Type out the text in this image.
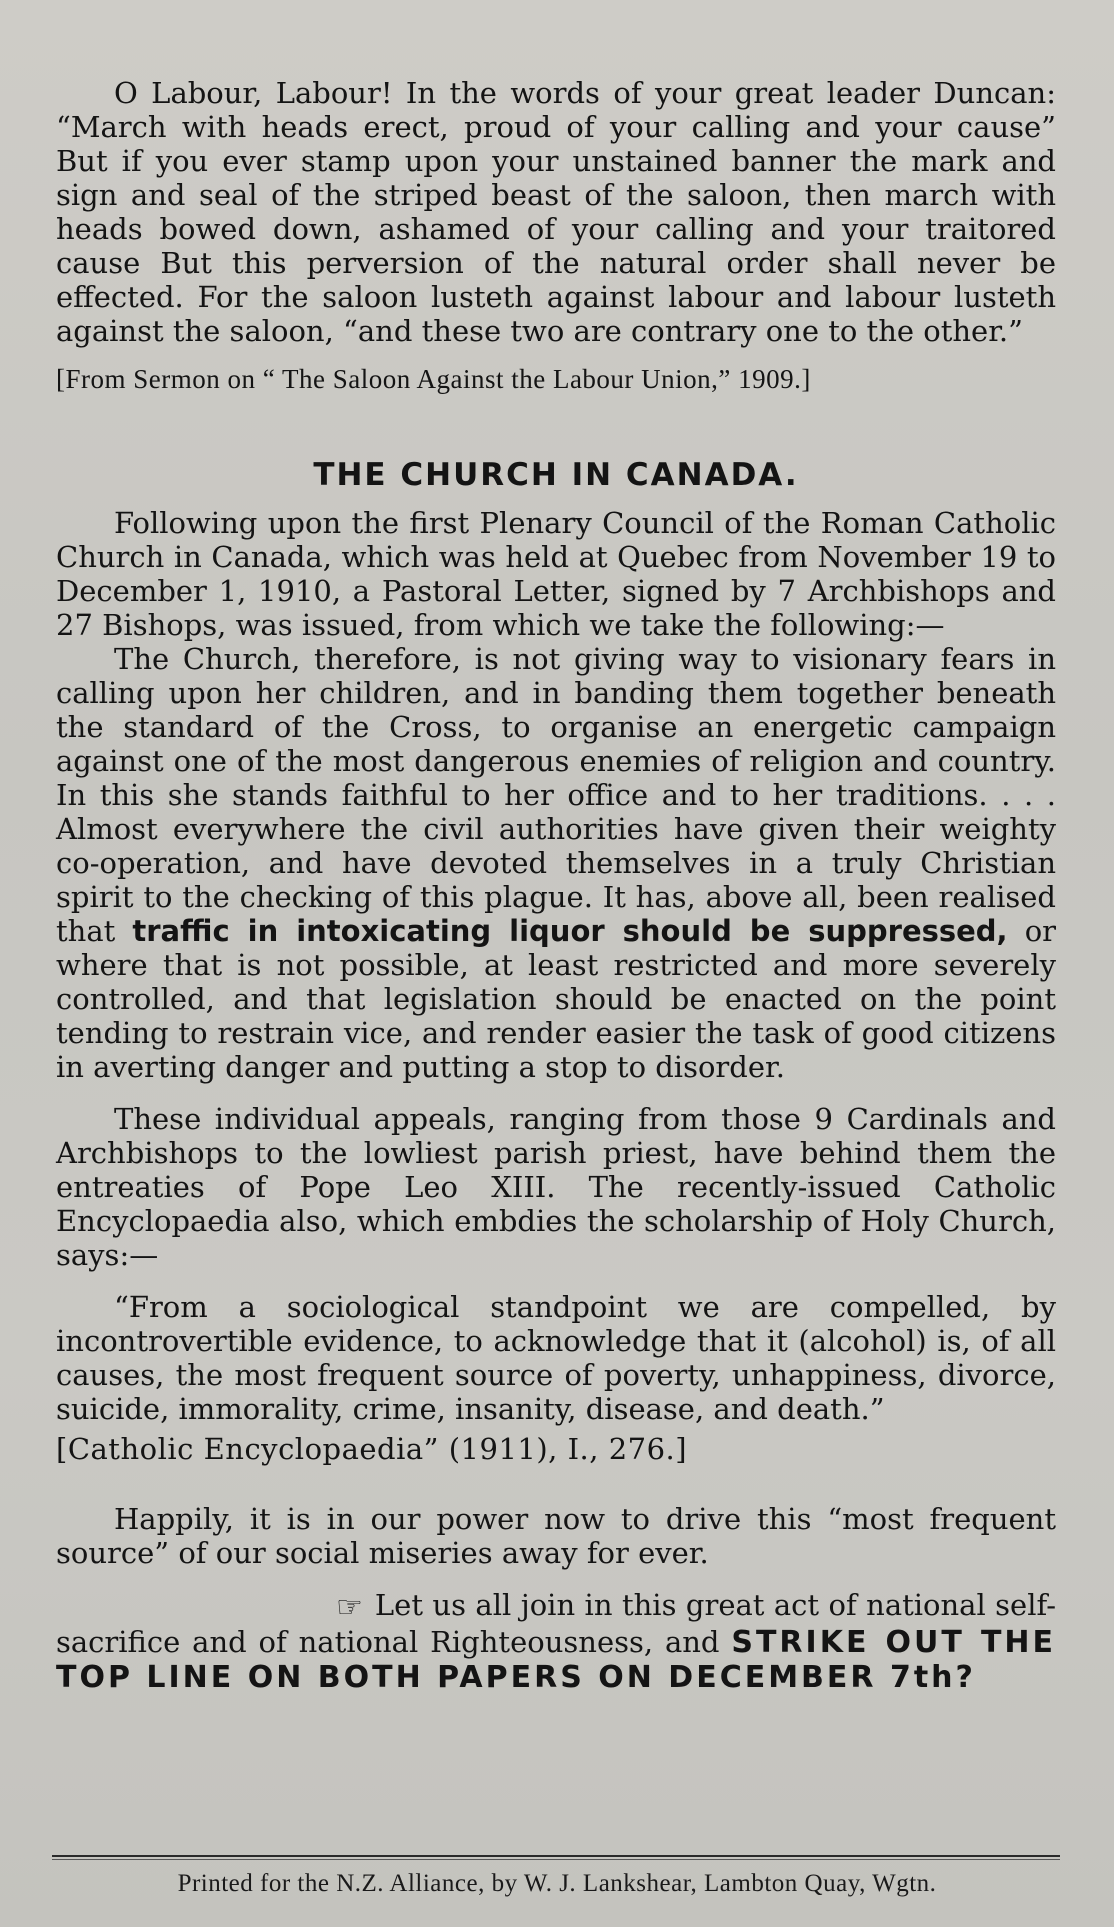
O Labour, Labour! In the words of your great leader Duncan: “March with heads erect, proud of your calling and your cause” But if you ever stamp upon your unstained banner the mark and sign and seal of the striped beast of the saloon, then march with heads bowed down, ashamed of your calling and your traitored cause But this perversion of the natural order shall never be effected. For the saloon lusteth against labour and labour lusteth against the saloon, “and these two are contrary one to the other.”

[From Sermon on “ The Saloon Against the Labour Union,” 1909.]

THE CHURCH IN CANADA.

Following upon the first Plenary Council of the Roman Catholic Church in Canada, which was held at Quebec from November 19 to December 1, 1910, a Pastoral Letter, signed by 7 Archbishops and 27 Bishops, was issued, from which we take the following:—

The Church, therefore, is not giving way to visionary fears in calling upon her children, and in banding them together beneath the standard of the Cross, to organise an energetic campaign against one of the most dangerous enemies of religion and country. In this she stands faithful to her office and to her traditions. . . . Almost everywhere the civil authorities have given their weighty co-operation, and have devoted themselves in a truly Christian spirit to the checking of this plague. It has, above all, been realised that traffic in intoxicating liquor should be suppressed, or where that is not possible, at least restricted and more severely controlled, and that legislation should be enacted on the point tending to restrain vice, and render easier the task of good citizens in averting danger and putting a stop to disorder.

These individual appeals, ranging from those 9 Cardinals and Archbishops to the lowliest parish priest, have behind them the entreaties of Pope Leo XIII. The recently-issued Catholic Encyclopaedia also, which embdies the scholarship of Holy Church, says:—

“From a sociological standpoint we are compelled, by incontrovertible evidence, to acknowledge that it (alcohol) is, of all causes, the most frequent source of poverty, unhappiness, divorce, suicide, immorality, crime, insanity, disease, and death.”

[Catholic Encyclopaedia” (1911), I., 276.]

Happily, it is in our power now to drive this “most frequent source” of our social miseries away for ever.

☞ Let us all join in this great act of national self-sacrifice and of national Righteousness, and STRIKE OUT THE TOP LINE ON BOTH PAPERS ON DECEMBER 7th?

Printed for the N.Z. Alliance, by W. J. Lankshear, Lambton Quay, Wgtn.
